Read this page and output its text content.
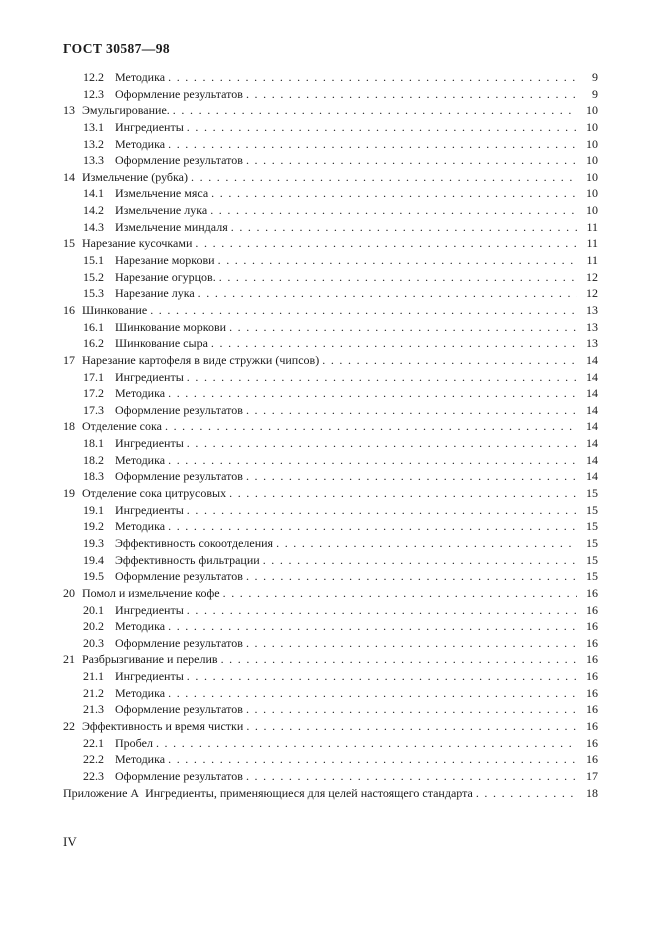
ГОСТ 30587—98
12.2 Методика . . .	9
12.3 Оформление результатов . . .	9
13 Эмульгирование. . . .	10
13.1 Ингредиенты . . .	10
13.2 Методика . . .	10
13.3 Оформление результатов . . .	10
14 Измельчение (рубка) . . .	10
14.1 Измельчение мяса . . .	10
14.2 Измельчение лука . . .	10
14.3 Измельчение миндаля . . .	11
15 Нарезание кусочками . . .	11
15.1 Нарезание моркови . . .	11
15.2 Нарезание огурцов. . . .	12
15.3 Нарезание лука . . .	12
16 Шинкование . . .	13
16.1 Шинкование моркови . . .	13
16.2 Шинкование сыра . . .	13
17 Нарезание картофеля в виде стружки (чипсов) . . .	14
17.1 Ингредиенты . . .	14
17.2 Методика . . .	14
17.3 Оформление результатов . . .	14
18 Отделение сока . . .	14
18.1 Ингредиенты . . .	14
18.2 Методика . . .	14
18.3 Оформление результатов . . .	14
19 Отделение сока цитрусовых . . .	15
19.1 Ингредиенты . . .	15
19.2 Методика . . .	15
19.3 Эффективность сокоотделения . . .	15
19.4 Эффективность фильтрации . . .	15
19.5 Оформление результатов . . .	15
20 Помол и измельчение кофе . . .	16
20.1 Ингредиенты . . .	16
20.2 Методика . . .	16
20.3 Оформление результатов . . .	16
21 Разбрызгивание и перелив . . .	16
21.1 Ингредиенты . . .	16
21.2 Методика . . .	16
21.3 Оформление результатов . . .	16
22 Эффективность и время чистки . . .	16
22.1 Пробел . . .	16
22.2 Методика . . .	16
22.3 Оформление результатов . . .	17
Приложение А  Ингредиенты, применяющиеся для целей настоящего стандарта . . .	18
IV
